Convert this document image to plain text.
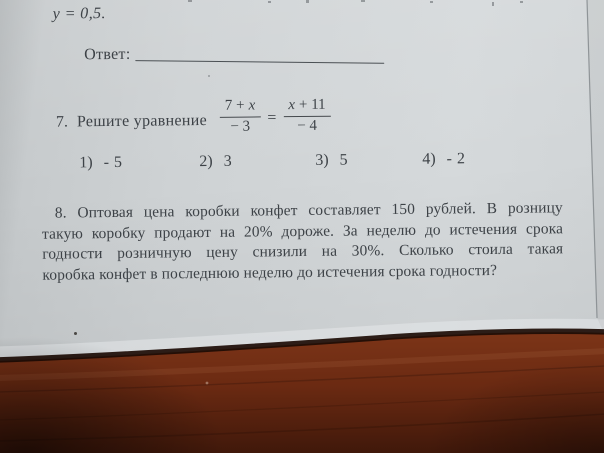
y = 0,5.
Ответ:
7. Решите уравнение $\frac{7 + x}{- 3} = \frac{x + 11}{- 4}$
1) - 5	2) 3	3) 5	4) - 2
8. Оптовая цена коробки конфет составляет 150 рублей. В розницу
такую коробку продают на 20% дороже. За неделю до истечения срока
годности розничную цену снизили на 30%. Сколько стоила такая
коробка конфет в последнюю неделю до истечения срока годности?
